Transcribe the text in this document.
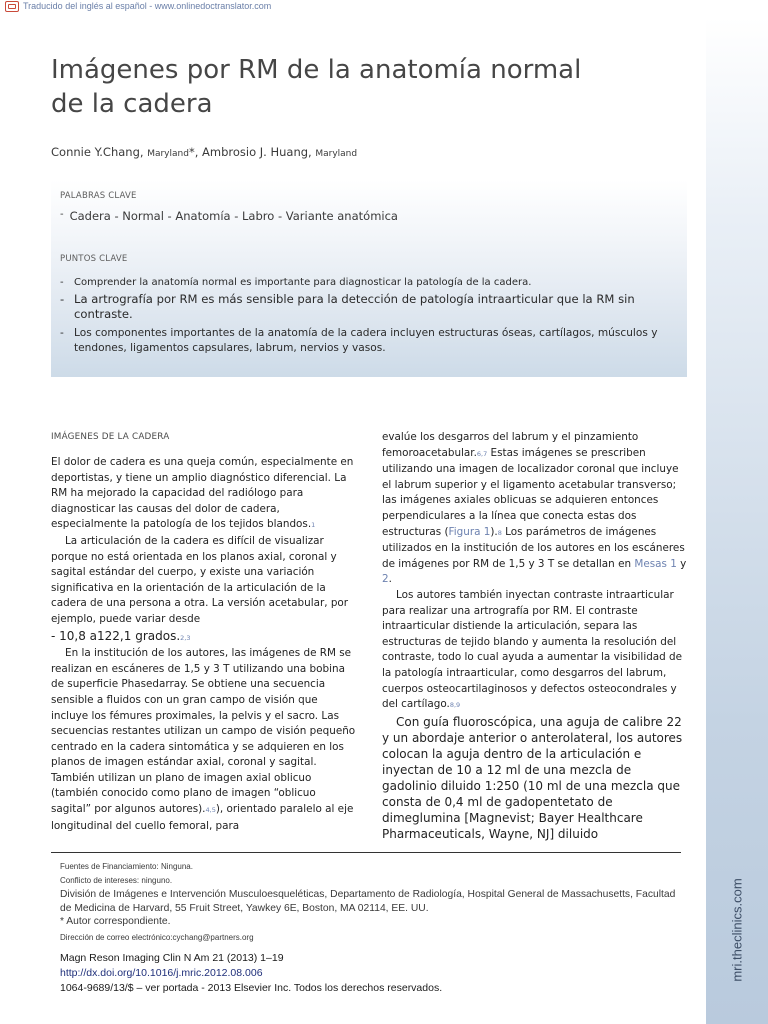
Traducido del inglés al español - www.onlinedoctranslator.com
mri.theclinics.com
Imágenes por RM de la anatomía normal
de la cadera
Connie Y.Chang, Maryland*, Ambrosio J. Huang, Maryland
PALABRAS CLAVE
- Cadera - Normal - Anatomía - Labro - Variante anatómica
PUNTOS CLAVE
- Comprender la anatomía normal es importante para diagnosticar la patología de la cadera.
- La artrografía por RM es más sensible para la detección de patología intraarticular que la RM sin contraste.
- Los componentes importantes de la anatomía de la cadera incluyen estructuras óseas, cartílagos, músculos y tendones, ligamentos capsulares, labrum, nervios y vasos.
IMÁGENES DE LA CADERA

El dolor de cadera es una queja común, especialmente en deportistas, y tiene un amplio diagnóstico diferencial. La RM ha mejorado la capacidad del radiólogo para diagnosticar las causas del dolor de cadera, especialmente la patología de los tejidos blandos.1

La articulación de la cadera es difícil de visualizar porque no está orientada en los planos axial, coronal y sagital estándar del cuerpo, y existe una variación significativa en la orientación de la articulación de la cadera de una persona a otra. La versión acetabular, por ejemplo, puede variar desde
- 10,8 a122,1 grados.2,3

En la institución de los autores, las imágenes de RM se realizan en escáneres de 1,5 y 3 T utilizando una bobina de superficie Phasedarray. Se obtiene una secuencia sensible a fluidos con un gran campo de visión que incluye los fémures proximales, la pelvis y el sacro. Las secuencias restantes utilizan un campo de visión pequeño centrado en la cadera sintomática y se adquieren en los planos de imagen estándar axial, coronal y sagital. También utilizan un plano de imagen axial oblicuo (también conocido como plano de imagen “oblicuo sagital” por algunos autores).4,5), orientado paralelo al eje longitudinal del cuello femoral, para

evalúe los desgarros del labrum y el pinzamiento femoroacetabular.6,7 Estas imágenes se prescriben utilizando una imagen de localizador coronal que incluye el labrum superior y el ligamento acetabular transverso; las imágenes axiales oblicuas se adquieren entonces perpendiculares a la línea que conecta estas dos estructuras (Figura 1).8 Los parámetros de imágenes utilizados en la institución de los autores en los escáneres de imágenes por RM de 1,5 y 3 T se detallan en Mesas 1 y 2.

Los autores también inyectan contraste intraarticular para realizar una artrografía por RM. El contraste intraarticular distiende la articulación, separa las estructuras de tejido blando y aumenta la resolución del contraste, todo lo cual ayuda a aumentar la visibilidad de la patología intraarticular, como desgarros del labrum, cuerpos osteocartilaginosos y defectos osteocondrales y del cartílago.8,9

Con guía fluoroscópica, una aguja de calibre 22 y un abordaje anterior o anterolateral, los autores colocan la aguja dentro de la articulación e inyectan de 10 a 12 ml de una mezcla de gadolinio diluido 1:250 (10 ml de una mezcla que consta de 0,4 ml de gadopentetato de dimeglumina [Magnevist; Bayer Healthcare Pharmaceuticals, Wayne, NJ] diluido

Fuentes de Financiamiento: Ninguna.
Conflicto de intereses: ninguno.
División de Imágenes e Intervención Musculoesqueléticas, Departamento de Radiología, Hospital General de Massachusetts, Facultad de Medicina de Harvard, 55 Fruit Street, Yawkey 6E, Boston, MA 02114, EE. UU.
* Autor correspondiente.
Dirección de correo electrónico:cychang@partners.org
Magn Reson Imaging Clin N Am 21 (2013) 1–19
http://dx.doi.org/10.1016/j.mric.2012.08.006
1064-9689/13/$ – ver portada - 2013 Elsevier Inc. Todos los derechos reservados.
